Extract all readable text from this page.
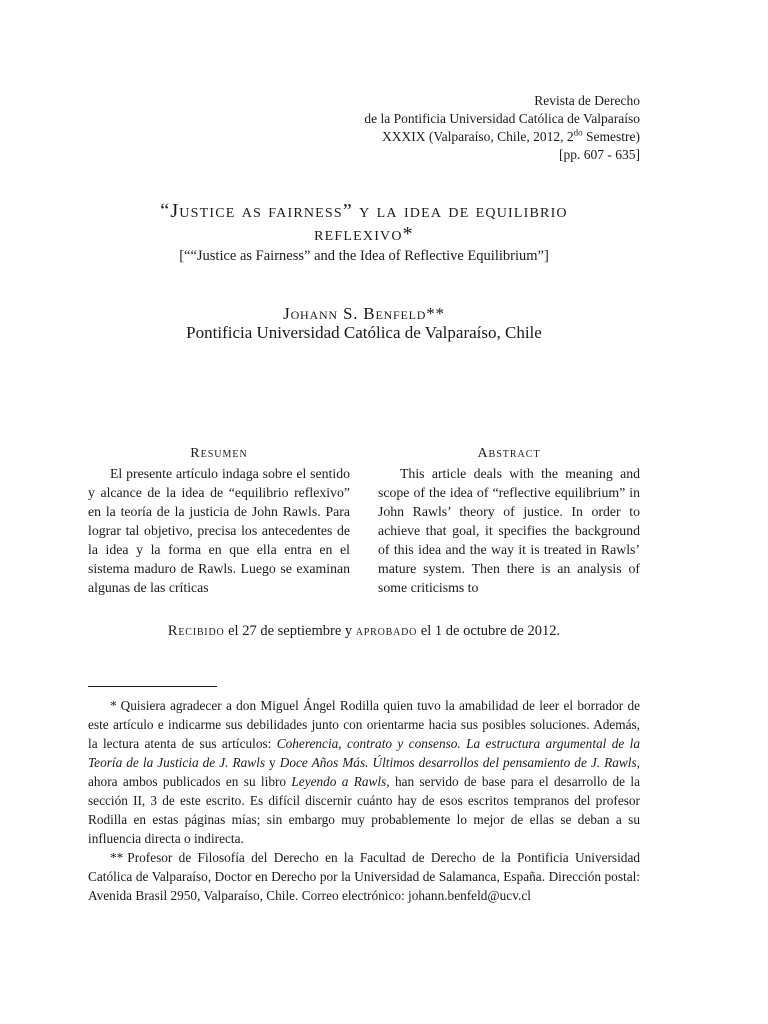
Revista de Derecho
de la Pontificia Universidad Católica de Valparaíso
XXXIX (Valparaíso, Chile, 2012, $2^{do}$ Semestre)
[pp. 607 - 635]
“Justice as fairness” y la idea de equilibrio
reflexivo*
[““Justice as Fairness” and the Idea of Reflective Equilibrium”]
Johann S. Benfeld**
Pontificia Universidad Católica de Valparaíso, Chile
Resumen

El presente artículo indaga sobre el sentido y alcance de la idea de “equilibrio reflexivo” en la teoría de la justicia de John Rawls. Para lograr tal objetivo, precisa los antecedentes de la idea y la forma en que ella entra en el sistema maduro de Rawls. Luego se examinan algunas de las críticas

Abstract

This article deals with the meaning and scope of the idea of “reflective equilibrium” in John Rawls’ theory of justice. In order to achieve that goal, it specifies the background of this idea and the way it is treated in Rawls’ mature system. Then there is an analysis of some criticisms to

Recibido el 27 de septiembre y aprobado el 1 de octubre de 2012.

* Quisiera agradecer a don Miguel Ángel Rodilla quien tuvo la amabilidad de leer el borrador de este artículo e indicarme sus debilidades junto con orientarme hacia sus posibles soluciones. Además, la lectura atenta de sus artículos: Coherencia, contrato y consenso. La estructura argumental de la Teoría de la Justicia de J. Rawls y Doce Años Más. Últimos desarrollos del pensamiento de J. Rawls, ahora ambos publicados en su libro Leyendo a Rawls, han servido de base para el desarrollo de la sección II, 3 de este escrito. Es difícil discernir cuánto hay de esos escritos tempranos del profesor Rodilla en estas páginas mías; sin embargo muy probablemente lo mejor de ellas se deban a su influencia directa o indirecta.

** Profesor de Filosofía del Derecho en la Facultad de Derecho de la Pontificia Universidad Católica de Valparaíso, Doctor en Derecho por la Universidad de Salamanca, España. Dirección postal: Avenida Brasil 2950, Valparaíso, Chile. Correo electrónico: johann.benfeld@ucv.cl
